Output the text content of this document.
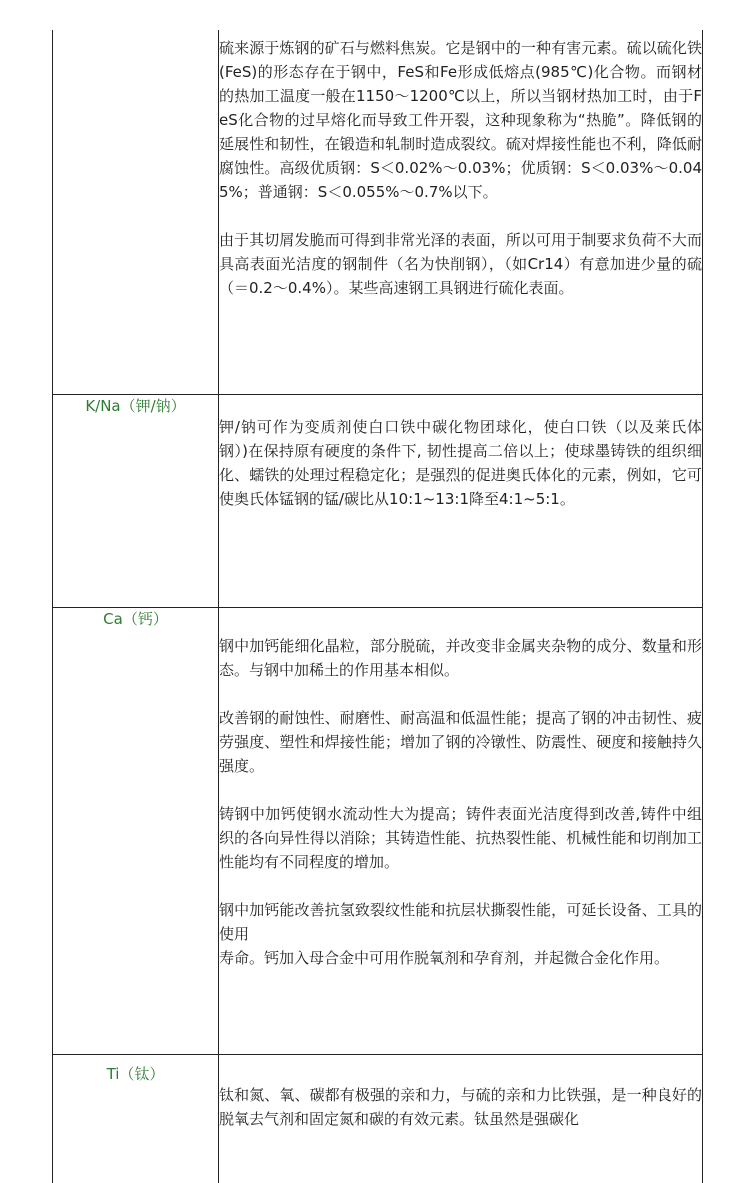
	硫来源于炼钢的矿石与燃料焦炭。它是钢中的一种有害元素。硫以硫化铁(FeS)的形态存在于钢中，FeS和Fe形成低熔点(985℃)化合物。而钢材的热加工温度一般在1150～1200℃以上，所以当钢材热加工时，由于FeS化合物的过早熔化而导致工件开裂，这种现象称为“热脆”。降低钢的延展性和韧性，在锻造和轧制时造成裂纹。硫对焊接性能也不利，降低耐腐蚀性。高级优质钢：S＜0.02%～0.03%；优质钢：S＜0.03%～0.045%；普通钢：S＜0.055%～0.7%以下。

由于其切屑发脆而可得到非常光泽的表面，所以可用于制要求负荷不大而具高表面光洁度的钢制件（名为快削钢），（如Cr14）有意加进少量的硫（＝0.2～0.4%）。某些高速钢工具钢进行硫化表面。

K/Na（钾/钠）	钾/钠可作为变质剂使白口铁中碳化物团球化，使白口铁（以及莱氏体钢）)在保持原有硬度的条件下, 韧性提高二倍以上；使球墨铸铁的组织细化、蠕铁的处理过程稳定化；是强烈的促进奥氏体化的元素，例如，它可使奥氏体锰钢的锰/碳比从10:1~13:1降至4:1~5:1。

Ca（钙）	钢中加钙能细化晶粒，部分脱硫，并改变非金属夹杂物的成分、数量和形态。与钢中加稀土的作用基本相似。

改善钢的耐蚀性、耐磨性、耐高温和低温性能；提高了钢的冲击韧性、疲劳强度、塑性和焊接性能；增加了钢的冷镦性、防震性、硬度和接触持久强度。

铸钢中加钙使钢水流动性大为提高；铸件表面光洁度得到改善,铸件中组织的各向异性得以消除；其铸造性能、抗热裂性能、机械性能和切削加工性能均有不同程度的增加。

钢中加钙能改善抗氢致裂纹性能和抗层状撕裂性能，可延长设备、工具的使用
寿命。钙加入母合金中可用作脱氧剂和孕育剂，并起微合金化作用。

Ti（钛）	钛和氮、氧、碳都有极强的亲和力，与硫的亲和力比铁强，是一种良好的脱氧去气剂和固定氮和碳的有效元素。钛虽然是强碳化
